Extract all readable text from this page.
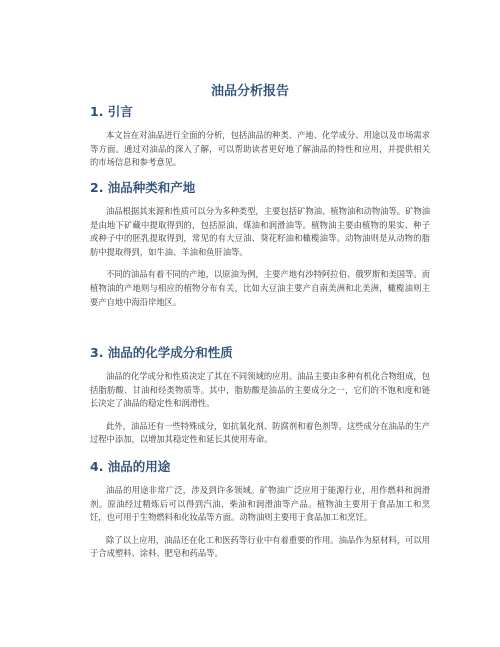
油品分析报告
1. 引言

本文旨在对油品进行全面的分析，包括油品的种类、产地、化学成分、用途以及市场需求等方面。通过对油品的深入了解，可以帮助读者更好地了解油品的特性和应用，并提供相关的市场信息和参考意见。

2. 油品种类和产地

油品根据其来源和性质可以分为多种类型，主要包括矿物油、植物油和动物油等。矿物油是由地下矿藏中提取得到的，包括原油、煤油和润滑油等。植物油主要由植物的果实、种子或种子中的胚乳提取得到，常见的有大豆油、葵花籽油和橄榄油等。动物油则是从动物的脂肪中提取得到，如牛油、羊油和鱼肝油等。

不同的油品有着不同的产地，以原油为例，主要产地有沙特阿拉伯、俄罗斯和美国等。而植物油的产地则与相应的植物分布有关，比如大豆油主要产自南美洲和北美洲，橄榄油则主要产自地中海沿岸地区。

3. 油品的化学成分和性质

油品的化学成分和性质决定了其在不同领域的应用。油品主要由多种有机化合物组成，包括脂肪酸、甘油和烃类物质等。其中，脂肪酸是油品的主要成分之一，它们的不饱和度和链长决定了油品的稳定性和润滑性。

此外，油品还有一些特殊成分，如抗氧化剂、防腐剂和着色剂等。这些成分在油品的生产过程中添加，以增加其稳定性和延长其使用寿命。

4. 油品的用途

油品的用途非常广泛，涉及到许多领域。矿物油广泛应用于能源行业，用作燃料和润滑剂。原油经过精炼后可以得到汽油、柴油和润滑油等产品。植物油主要用于食品加工和烹饪，也可用于生物燃料和化妆品等方面。动物油则主要用于食品加工和烹饪。

除了以上应用，油品还在化工和医药等行业中有着重要的作用。油品作为原材料，可以用于合成塑料、涂料、肥皂和药品等。
